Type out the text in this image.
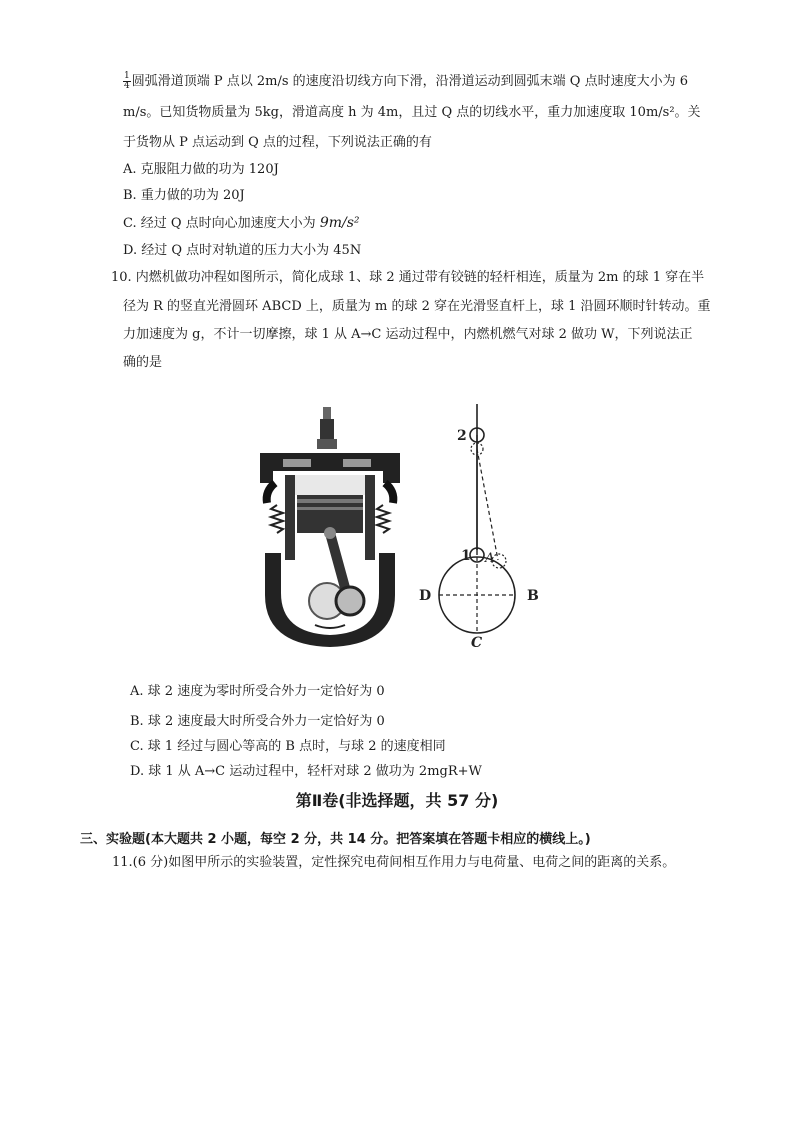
$\frac{1}{4}$ 圆弧滑道顶端 P 点以 2m/s 的速度沿切线方向下滑，沿滑道运动到圆弧末端 Q 点时速度大小为 6
m/s。已知货物质量为 5kg，滑道高度 h 为 4m，且过 Q 点的切线水平，重力加速度取 10m/s²。关
于货物从 P 点运动到 Q 点的过程，下列说法正确的有
A. 克服阻力做的功为 120J
B. 重力做的功为 20J
C. 经过 Q 点时向心加速度大小为 9m/s²
D. 经过 Q 点时对轨道的压力大小为 45N
10. 内燃机做功冲程如图所示，简化成球 1、球 2 通过带有铰链的轻杆相连，质量为 2m 的球 1 穿在半
径为 R 的竖直光滑圆环 ABCD 上，质量为 m 的球 2 穿在光滑竖直杆上，球 1 沿圆环顺时针转动。重
力加速度为 g，不计一切摩擦，球 1 从 A→C 运动过程中，内燃机燃气对球 2 做功 W，下列说法正
确的是
2
1 A
D	B
C
A. 球 2 速度为零时所受合外力一定恰好为 0
B. 球 2 速度最大时所受合外力一定恰好为 0
C. 球 1 经过与圆心等高的 B 点时，与球 2 的速度相同
D. 球 1 从 A→C 运动过程中，轻杆对球 2 做功为 2mgR+W
第Ⅱ卷(非选择题，共 57 分)
三、实验题(本大题共 2 小题，每空 2 分，共 14 分。把答案填在答题卡相应的横线上。)
11.(6 分)如图甲所示的实验装置，定性探究电荷间相互作用力与电荷量、电荷之间的距离的关系。
